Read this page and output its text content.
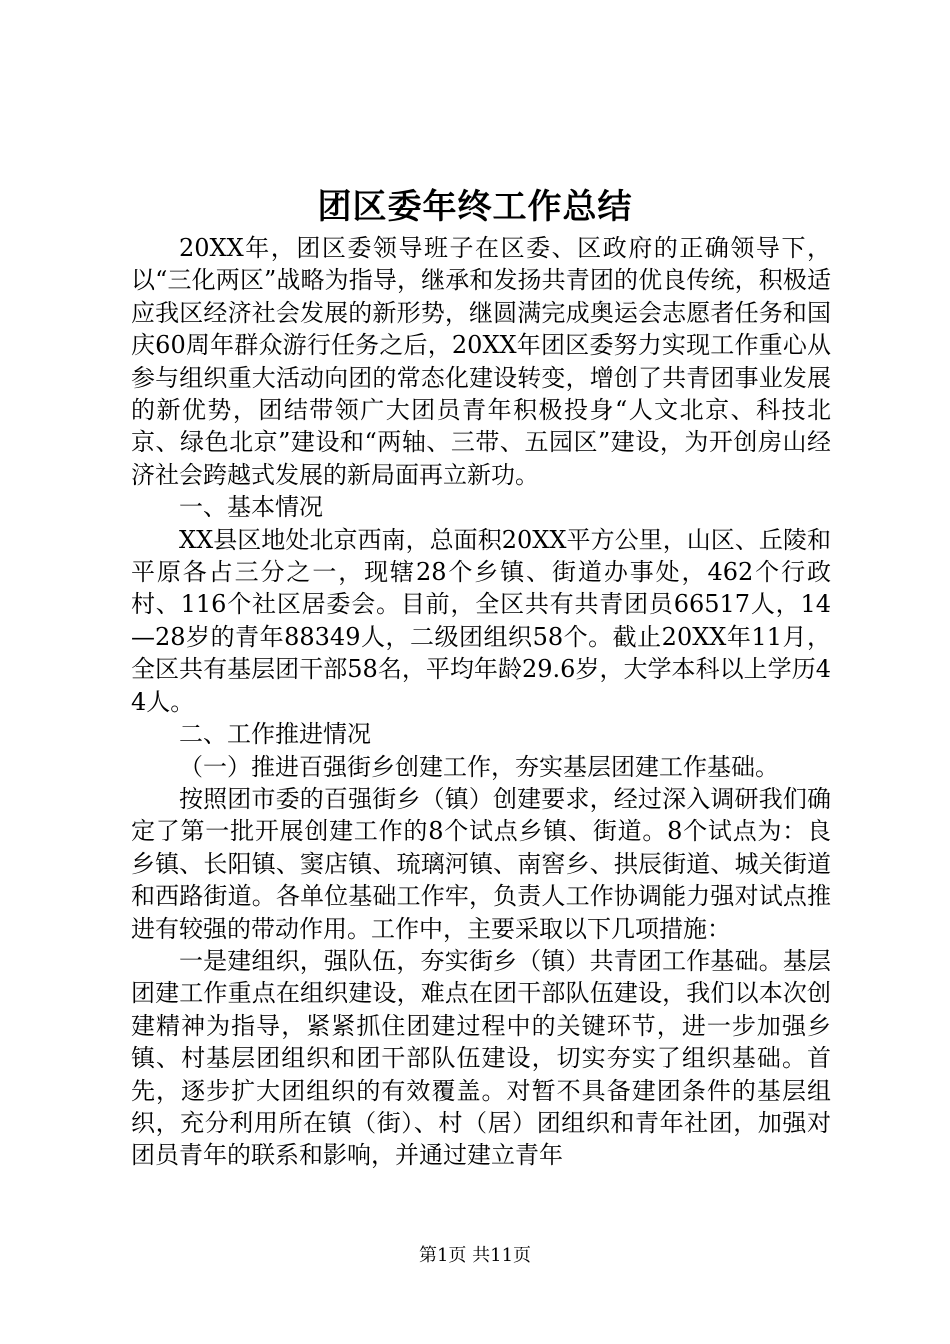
团区委年终工作总结

20XX年，团区委领导班子在区委、区政府的正确领导下，以“三化两区”战略为指导，继承和发扬共青团的优良传统，积极适应我区经济社会发展的新形势，继圆满完成奥运会志愿者任务和国庆60周年群众游行任务之后，20XX年团区委努力实现工作重心从参与组织重大活动向团的常态化建设转变，增创了共青团事业发展的新优势，团结带领广大团员青年积极投身“人文北京、科技北京、绿色北京”建设和“两轴、三带、五园区”建设，为开创房山经济社会跨越式发展的新局面再立新功。

一、基本情况

XX县区地处北京西南，总面积20XX平方公里，山区、丘陵和平原各占三分之一，现辖28个乡镇、街道办事处，462个行政村、116个社区居委会。目前，全区共有共青团员66517人，14—28岁的青年88349人，二级团组织58个。截止20XX年11月，全区共有基层团干部58名，平均年龄29.6岁，大学本科以上学历44人。

二、工作推进情况

（一）推进百强街乡创建工作，夯实基层团建工作基础。

按照团市委的百强街乡（镇）创建要求，经过深入调研我们确定了第一批开展创建工作的8个试点乡镇、街道。8个试点为：良乡镇、长阳镇、窦店镇、琉璃河镇、南窖乡、拱辰街道、城关街道和西路街道。各单位基础工作牢，负责人工作协调能力强对试点推进有较强的带动作用。工作中，主要采取以下几项措施：

一是建组织，强队伍，夯实街乡（镇）共青团工作基础。基层团建工作重点在组织建设，难点在团干部队伍建设，我们以本次创建精神为指导，紧紧抓住团建过程中的关键环节，进一步加强乡镇、村基层团组织和团干部队伍建设，切实夯实了组织基础。首先，逐步扩大团组织的有效覆盖。对暂不具备建团条件的基层组织，充分利用所在镇（街）、村（居）团组织和青年社团，加强对团员青年的联系和影响，并通过建立青年

第1页 共11页
